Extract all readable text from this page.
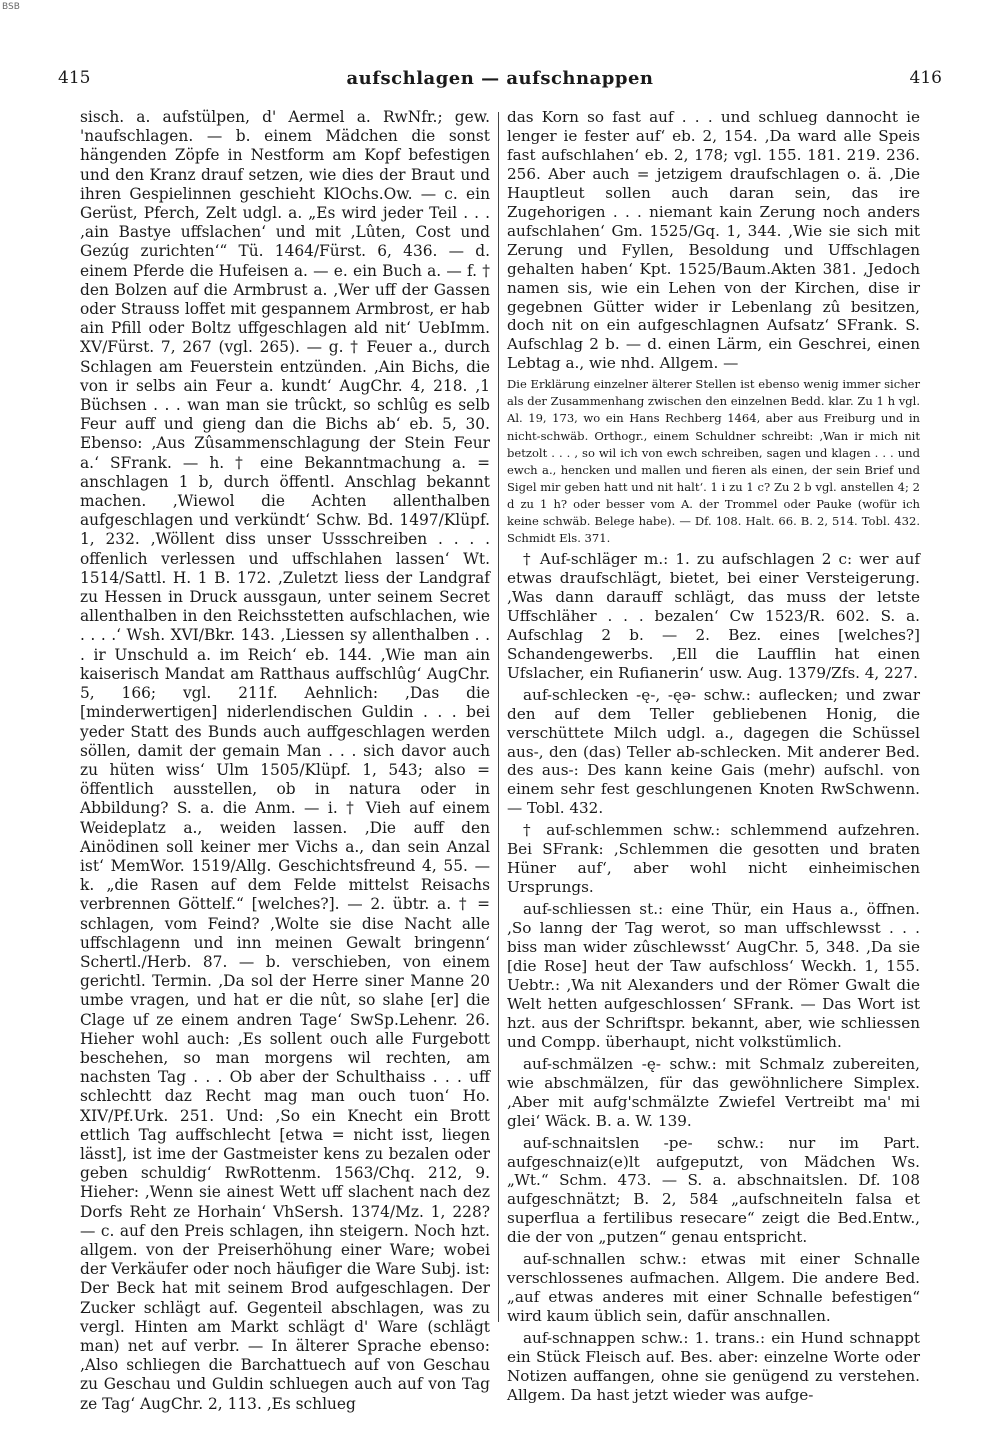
BSB
415	aufschlagen — aufschnappen	416

sisch. a. aufstülpen, d' Aermel a. RwNfr.; gew. 'naufschlagen. — b. einem Mädchen die sonst hängenden Zöpfe in Nestform am Kopf befestigen und den Kranz drauf setzen, wie dies der Braut und ihren Gespielinnen geschieht KlOchs.Ow. — c. ein Gerüst, Pferch, Zelt udgl. a. „Es wird jeder Teil . . . ‚ain Bastye uffslachen‘ und mit ‚Lûten, Cost und Gezúg zurichten‘“ Tü. 1464/Fürst. 6, 436. — d. einem Pferde die Hufeisen a. — e. ein Buch a. — f. † den Bolzen auf die Armbrust a. ‚Wer uff der Gassen oder Strauss loffet mit gespannem Armbrost, er hab ain Pfill oder Boltz uffgeschlagen ald nit‘ UebImm. XV/Fürst. 7, 267 (vgl. 265). — g. † Feuer a., durch Schlagen am Feuerstein entzünden. ‚Ain Bichs, die von ir selbs ain Feur a. kundt‘ AugChr. 4, 218. ‚1 Büchsen . . . wan man sie trûckt, so schlûg es selb Feur auff und gieng dan die Bichs ab‘ eb. 5, 30. Ebenso: ‚Aus Zûsammenschlagung der Stein Feur a.‘ SFrank. — h. † eine Bekanntmachung a. = anschlagen 1 b, durch öffentl. Anschlag bekannt machen. ‚Wiewol die Achten allenthalben aufgeschlagen und verkündt‘ Schw. Bd. 1497/Klüpf. 1, 232. ‚Wöllent diss unser Ussschreiben . . . . offenlich verlessen und uffschlahen lassen‘ Wt. 1514/Sattl. H. 1 B. 172. ‚Zuletzt liess der Landgraf zu Hessen in Druck aussgaun, unter seinem Secret allenthalben in den Reichsstetten aufschlachen, wie . . . .‘ Wsh. XVI/Bkr. 143. ‚Liessen sy allenthalben . . . ir Unschuld a. im Reich‘ eb. 144. ‚Wie man ain kaiserisch Mandat am Ratthaus auffschlûg‘ AugChr. 5, 166; vgl. 211f. Aehnlich: ‚Das die [minderwertigen] niderlendischen Guldin . . . bei yeder Statt des Bunds auch auffgeschlagen werden söllen, damit der gemain Man . . . sich davor auch zu hüten wiss‘ Ulm 1505/Klüpf. 1, 543; also = öffentlich ausstellen, ob in natura oder in Abbildung? S. a. die Anm. — i. † Vieh auf einem Weideplatz a., weiden lassen. ‚Die auff den Ainödinen soll keiner mer Vichs a., dan sein Anzal ist‘ MemWor. 1519/Allg. Geschichtsfreund 4, 55. — k. „die Rasen auf dem Felde mittelst Reisachs verbrennen Göttelf.“ [welches?]. — 2. übtr. a. † = schlagen, vom Feind? ‚Wolte sie dise Nacht alle uffschlagenn und inn meinen Gewalt bringenn‘ Schertl./Herb. 87. — b. verschieben, von einem gerichtl. Termin. ‚Da sol der Herre siner Manne 20 umbe vragen, und hat er die nût, so slahe [er] die Clage uf ze einem andren Tage‘ SwSp.Lehenr. 26. Hieher wohl auch: ‚Es sollent ouch alle Furgebott beschehen, so man morgens wil rechten, am nachsten Tag . . . Ob aber der Schulthaiss . . . uff schlechtt daz Recht mag man ouch tuon‘ Ho. XIV/Pf.Urk. 251. Und: ‚So ein Knecht ein Brott ettlich Tag auffschlecht [etwa = nicht isst, liegen lässt], ist ime der Gastmeister kens zu bezalen oder geben schuldig‘ RwRottenm. 1563/Chq. 212, 9. Hieher: ‚Wenn sie ainest Wett uff slachent nach dez Dorfs Reht ze Horhain‘ VhSersh. 1374/Mz. 1, 228? — c. auf den Preis schlagen, ihn steigern. Noch hzt. allgem. von der Preiserhöhung einer Ware; wobei der Verkäufer oder noch häufiger die Ware Subj. ist: Der Beck hat mit seinem Brod aufgeschlagen. Der Zucker schlägt auf. Gegenteil abschlagen, was zu vergl. Hinten am Markt schlägt d' Ware (schlägt man) net auf verbr. — In älterer Sprache ebenso: ‚Also schliegen die Barchattuech auf von Geschau zu Geschau und Guldin schluegen auch auf von Tag ze Tag‘ AugChr. 2, 113. ‚Es schlueg

das Korn so fast auf . . . und schlueg dannocht ie lenger ie fester auf‘ eb. 2, 154. ‚Da ward alle Speis fast aufschlahen‘ eb. 2, 178; vgl. 155. 181. 219. 236. 256. Aber auch = jetzigem draufschlagen o. ä. ‚Die Hauptleut sollen auch daran sein, das ire Zugehorigen . . . niemant kain Zerung noch anders aufschlahen‘ Gm. 1525/Gq. 1, 344. ‚Wie sie sich mit Zerung und Fyllen, Besoldung und Uffschlagen gehalten haben‘ Kpt. 1525/Baum.Akten 381. ‚Jedoch namen sis, wie ein Lehen von der Kirchen, dise ir gegebnen Gütter wider ir Lebenlang zû besitzen, doch nit on ein aufgeschlagnen Aufsatz‘ SFrank. S. Aufschlag 2 b. — d. einen Lärm, ein Geschrei, einen Lebtag a., wie nhd. Allgem. —

Die Erklärung einzelner älterer Stellen ist ebenso wenig immer sicher als der Zusammenhang zwischen den einzelnen Bedd. klar. Zu 1 h vgl. Al. 19, 173, wo ein Hans Rechberg 1464, aber aus Freiburg und in nicht-schwäb. Orthogr., einem Schuldner schreibt: ‚Wan ir mich nit betzolt . . . , so wil ich von ewch schreiben, sagen und klagen . . . und ewch a., hencken und mallen und fieren als einen, der sein Brief und Sigel mir geben hatt und nit halt‘. 1 i zu 1 c? Zu 2 b vgl. anstellen 4; 2 d zu 1 h? oder besser vom A. der Trommel oder Pauke (wofür ich keine schwäb. Belege habe). — Df. 108. Halt. 66. B. 2, 514. Tobl. 432. Schmidt Els. 371.

† Auf-schläger m.: 1. zu aufschlagen 2 c: wer auf etwas draufschlägt, bietet, bei einer Versteigerung. ‚Was dann darauff schlägt, das muss der letste Uffschläher . . . bezalen‘ Cw 1523/R. 602. S. a. Aufschlag 2 b. — 2. Bez. eines [welches?] Schandengewerbs. ‚Ell die Laufflin hat einen Ufslacher, ein Rufianerin‘ usw. Aug. 1379/Zfs. 4, 227.

auf-schlecken -ę-, -ęə- schw.: auflecken; und zwar den auf dem Teller gebliebenen Honig, die verschüttete Milch udgl. a., dagegen die Schüssel aus-, den (das) Teller ab-schlecken. Mit anderer Bed. des aus-: Des kann keine Gais (mehr) aufschl. von einem sehr fest geschlungenen Knoten RwSchwenn. — Tobl. 432.

† auf-schlemmen schw.: schlemmend aufzehren. Bei SFrank: ‚Schlemmen die gesotten und braten Hüner auf‘, aber wohl nicht einheimischen Ursprungs.

auf-schliessen st.: eine Thür, ein Haus a., öffnen. ‚So lanng der Tag werot, so man uffschlewsst . . . biss man wider zûschlewsst‘ AugChr. 5, 348. ‚Da sie [die Rose] heut der Taw aufschloss‘ Weckh. 1, 155. Uebtr.: ‚Wa nit Alexanders und der Römer Gwalt die Welt hetten aufgeschlossen‘ SFrank. — Das Wort ist hzt. aus der Schriftspr. bekannt, aber, wie schliessen und Compp. überhaupt, nicht volkstümlich.

auf-schmälzen -ę- schw.: mit Schmalz zubereiten, wie abschmälzen, für das gewöhnlichere Simplex. ‚Aber mit aufg'schmälzte Zwiefel Vertreibt ma' mi glei‘ Wäck. B. a. W. 139.

auf-schnaitslen -pe- schw.: nur im Part. aufgeschnaiz(e)lt aufgeputzt, von Mädchen Ws. „Wt.“ Schm. 473. — S. a. abschnaitslen. Df. 108 aufgeschnätzt; B. 2, 584 „aufschneiteln falsa et superflua a fertilibus resecare“ zeigt die Bed.Entw., die der von „putzen“ genau entspricht.

auf-schnallen schw.: etwas mit einer Schnalle verschlossenes aufmachen. Allgem. Die andere Bed. „auf etwas anderes mit einer Schnalle befestigen“ wird kaum üblich sein, dafür anschnallen.

auf-schnappen schw.: 1. trans.: ein Hund schnappt ein Stück Fleisch auf. Bes. aber: einzelne Worte oder Notizen auffangen, ohne sie genügend zu verstehen. Allgem. Da hast jetzt wieder was aufge-
